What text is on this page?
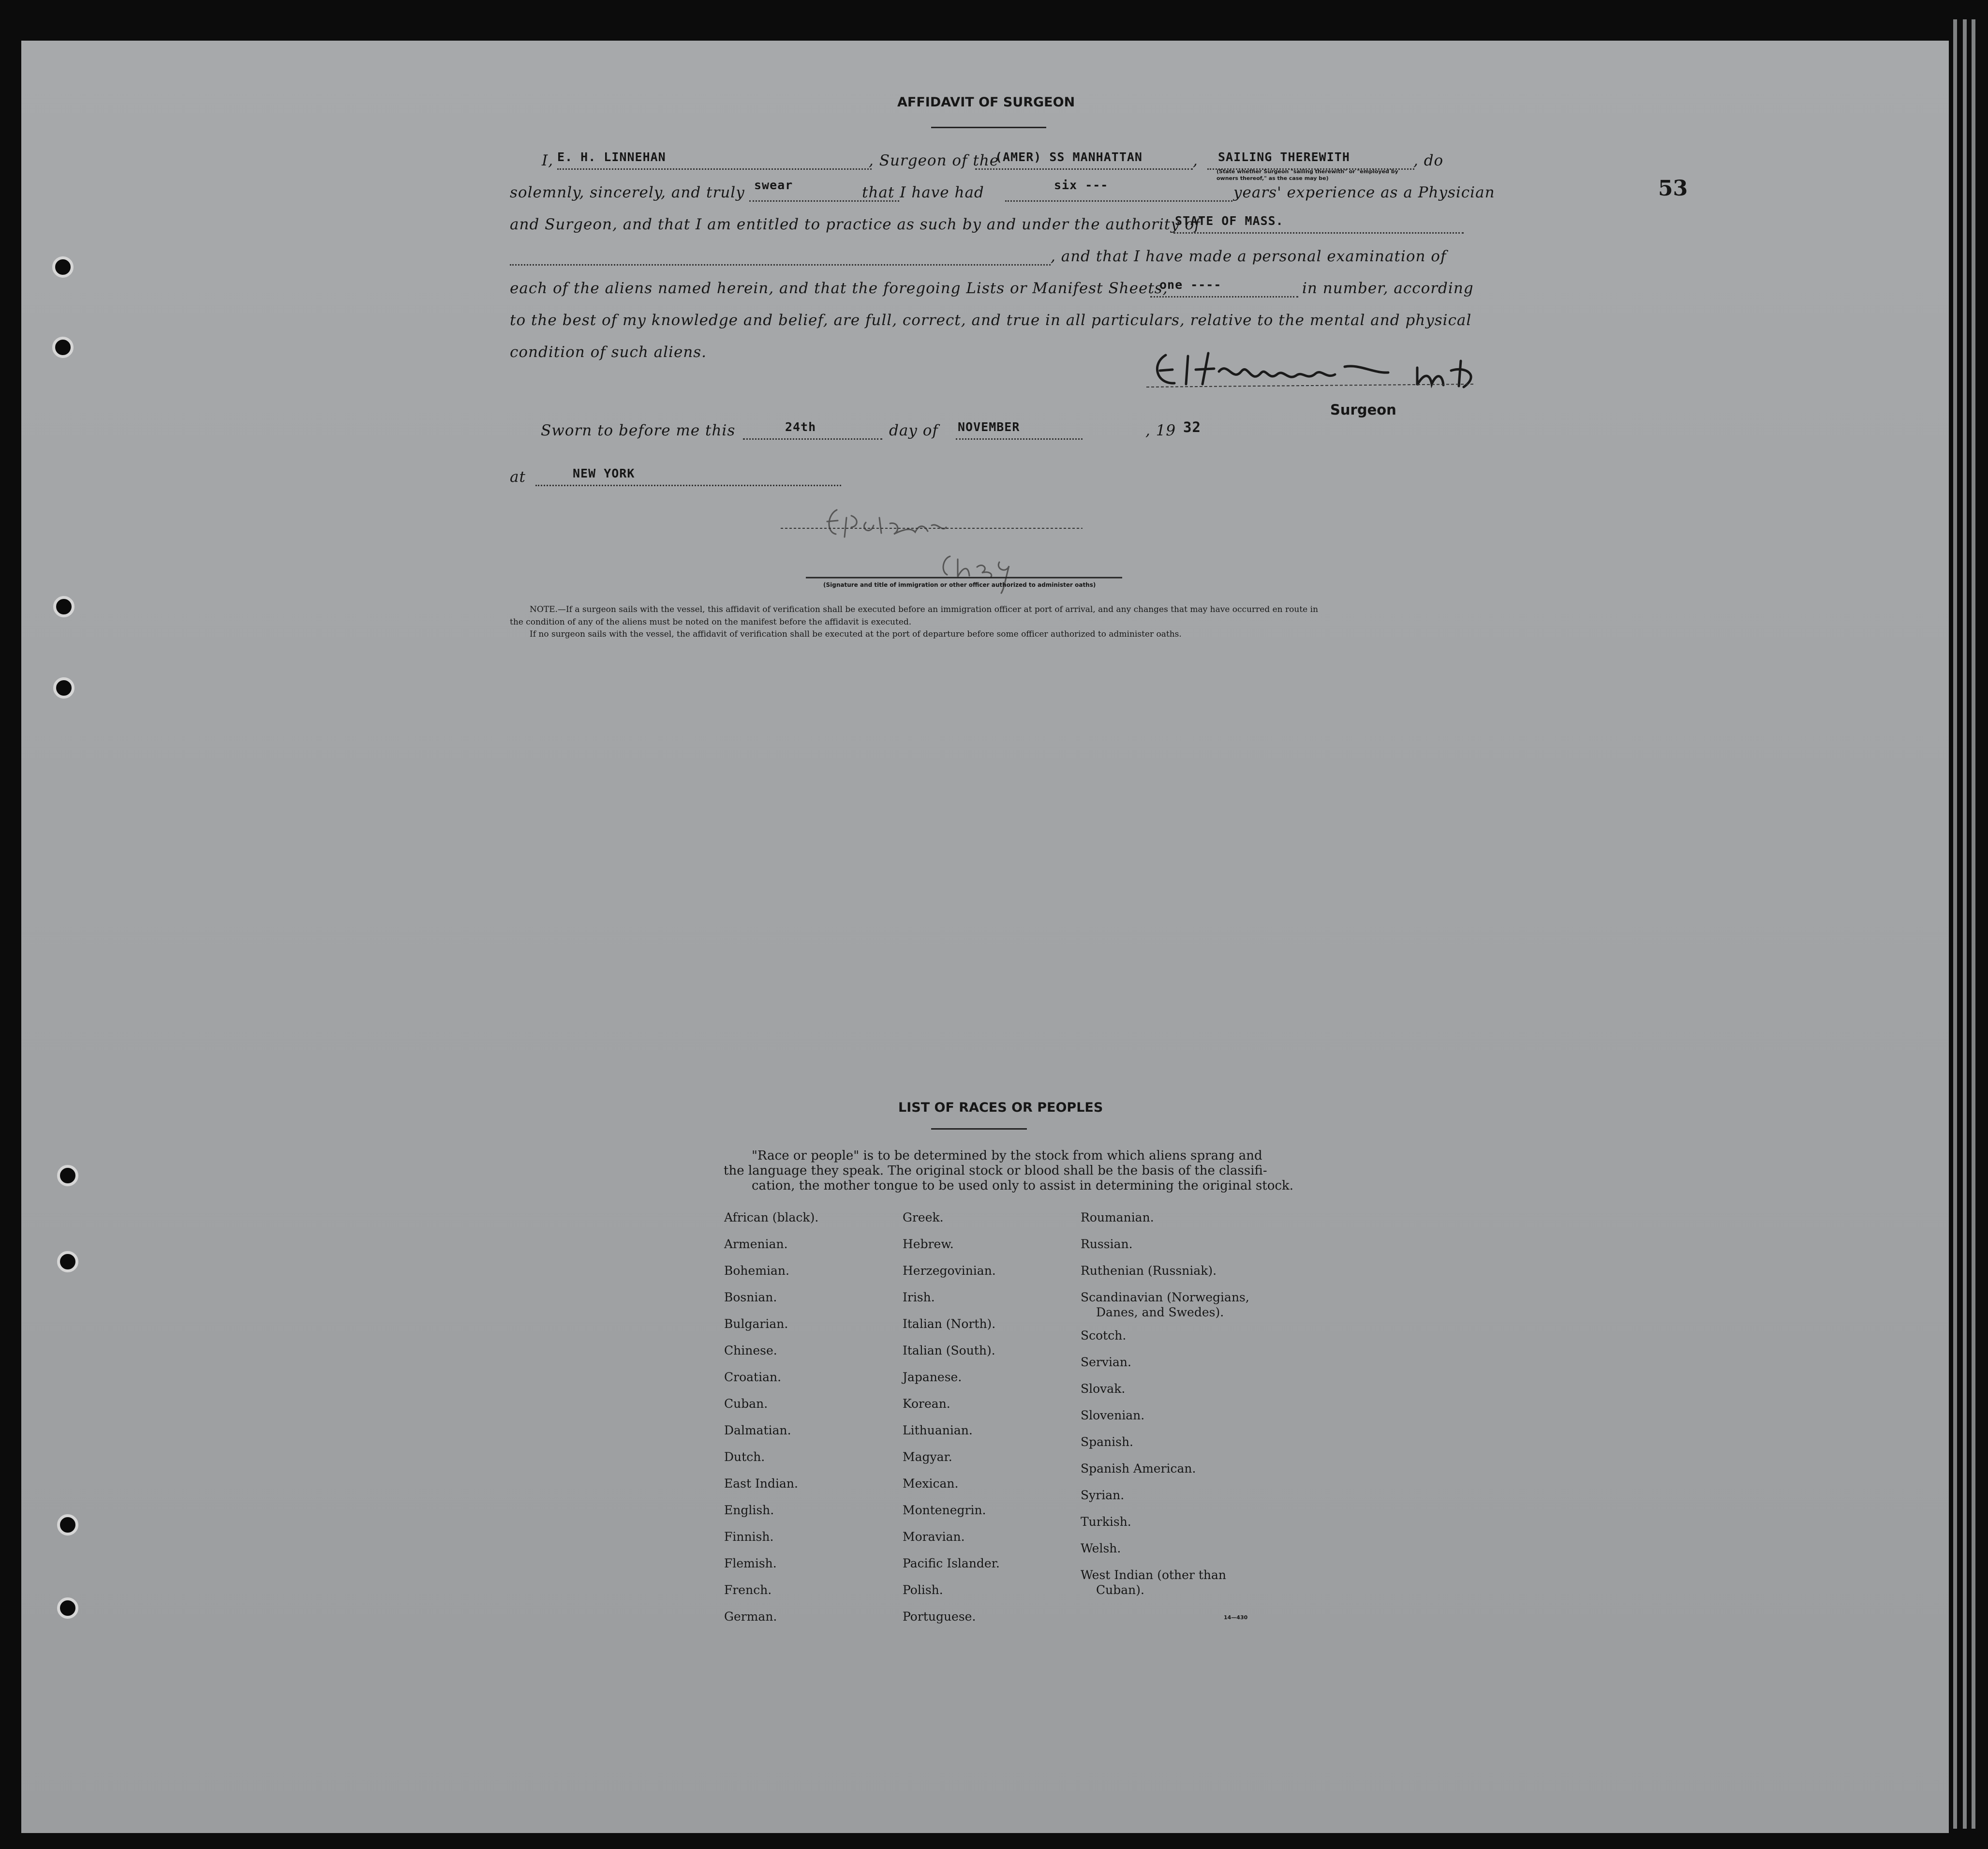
53
AFFIDAVIT OF SURGEON
I, E. H. LINNEHAN	, Surgeon of the
(AMER) SS MANHATTAN	, SAILING THEREWITH	, do
(State whether Surgeon "sailing therewith" or "employed by owners thereof," as the case may be)
solemnly, sincerely, and truly swear	that I have had	six ---	years' experience as a Physician
and Surgeon, and that I am entitled to practice as such by and under the authority of
STATE OF MASS.
, and that I have made a personal examination of
each of the aliens named herein, and that the foregoing Lists or Manifest Sheets,
one ----	in number, according
to the best of my knowledge and belief, are full, correct, and true in all particulars, relative to the mental and physical
condition of such aliens.
Surgeon
Sworn to before me this	24th	day of NOVEMBER	, 19 32
at	NEW YORK
(Signature and title of immigration or other officer authorized to administer oaths)
NOTE.—If a surgeon sails with the vessel, this affidavit of verification shall be executed before an immigration officer at port of arrival, and any changes that may have occurred en route in
the condition of any of the aliens must be noted on the manifest before the affidavit is executed.
If no surgeon sails with the vessel, the affidavit of verification shall be executed at the port of departure before some officer authorized to administer oaths.
LIST OF RACES OR PEOPLES
"Race or people" is to be determined by the stock from which aliens sprang and
the language they speak. The original stock or blood shall be the basis of the classifi-
cation, the mother tongue to be used only to assist in determining the original stock.
African (black).
Armenian.
Bohemian.
Bosnian.
Bulgarian.
Chinese.
Croatian.
Cuban.
Dalmatian.
Dutch.
East Indian.
English.
Finnish.
Flemish.
French.
German.
Greek.
Hebrew.
Herzegovinian.
Irish.
Italian (North).
Italian (South).
Japanese.
Korean.
Lithuanian.
Magyar.
Mexican.
Montenegrin.
Moravian.
Pacific Islander.
Polish.
Portuguese.
Roumanian.
Russian.
Ruthenian (Russniak).
Scandinavian (Norwegians,
Danes, and Swedes).
Scotch.
Servian.
Slovak.
Slovenian.
Spanish.
Spanish American.
Syrian.
Turkish.
Welsh.
West Indian (other than
Cuban).
14—430
